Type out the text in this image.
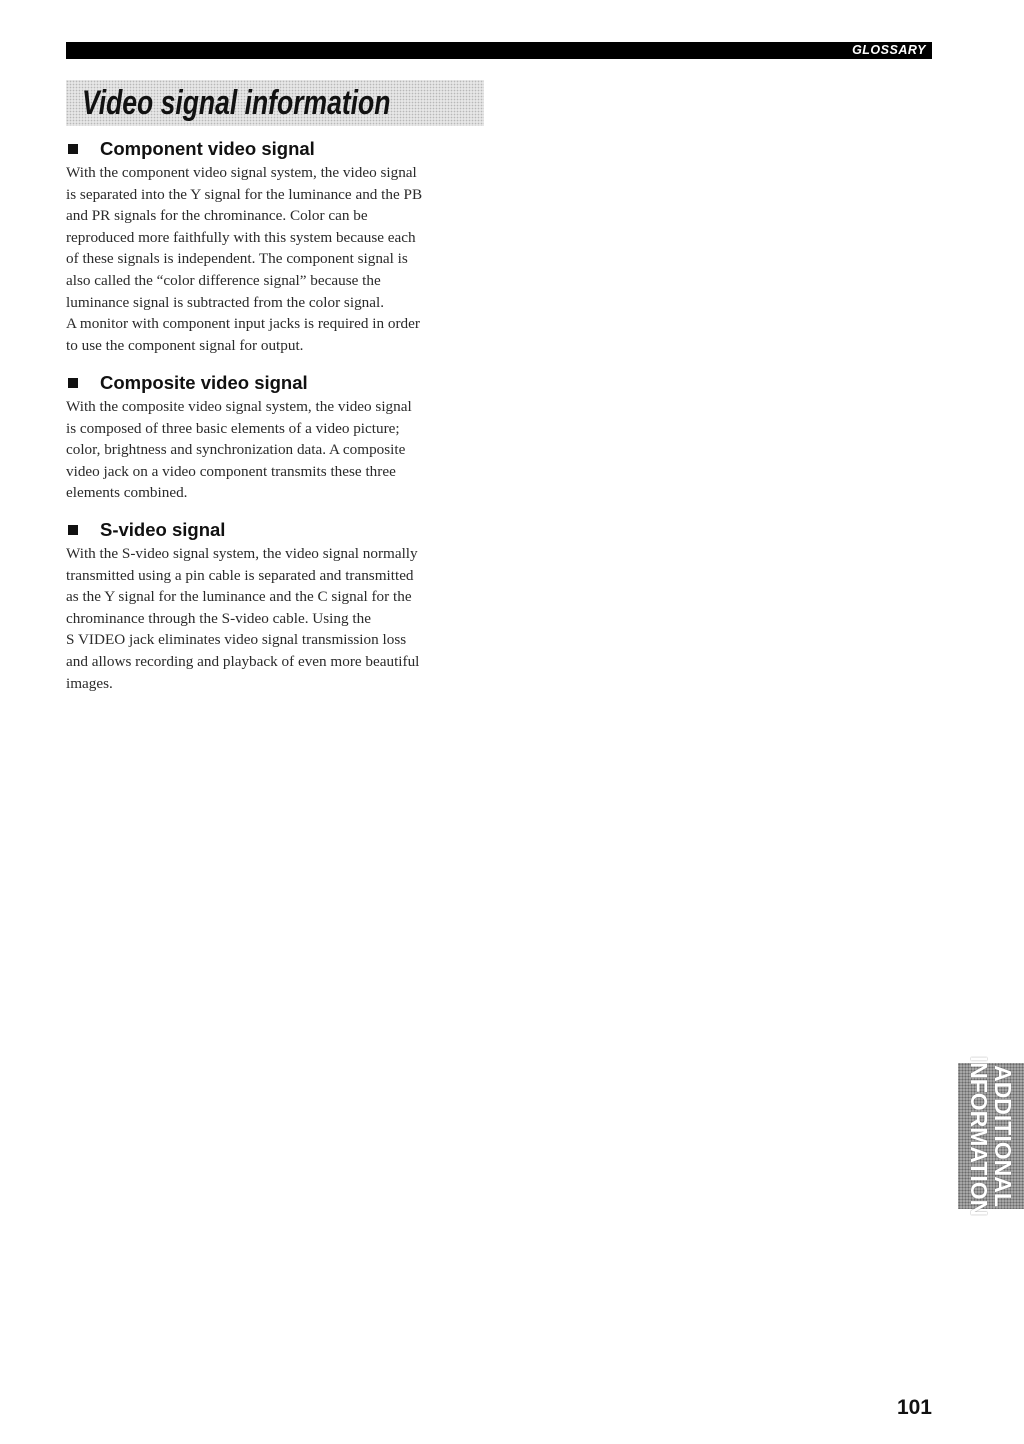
GLOSSARY
Video signal information
Component video signal

With the component video signal system, the video signal
is separated into the Y signal for the luminance and the PB
and PR signals for the chrominance. Color can be
reproduced more faithfully with this system because each
of these signals is independent. The component signal is
also called the “color difference signal” because the
luminance signal is subtracted from the color signal.
A monitor with component input jacks is required in order
to use the component signal for output.

Composite video signal

With the composite video signal system, the video signal
is composed of three basic elements of a video picture;
color, brightness and synchronization data. A composite
video jack on a video component transmits these three
elements combined.

S-video signal

With the S-video signal system, the video signal normally
transmitted using a pin cable is separated and transmitted
as the Y signal for the luminance and the C signal for the
chrominance through the S-video cable. Using the
S VIDEO jack eliminates video signal transmission loss
and allows recording and playback of even more beautiful
images.

ADDITIONAL
INFORMATION
101
